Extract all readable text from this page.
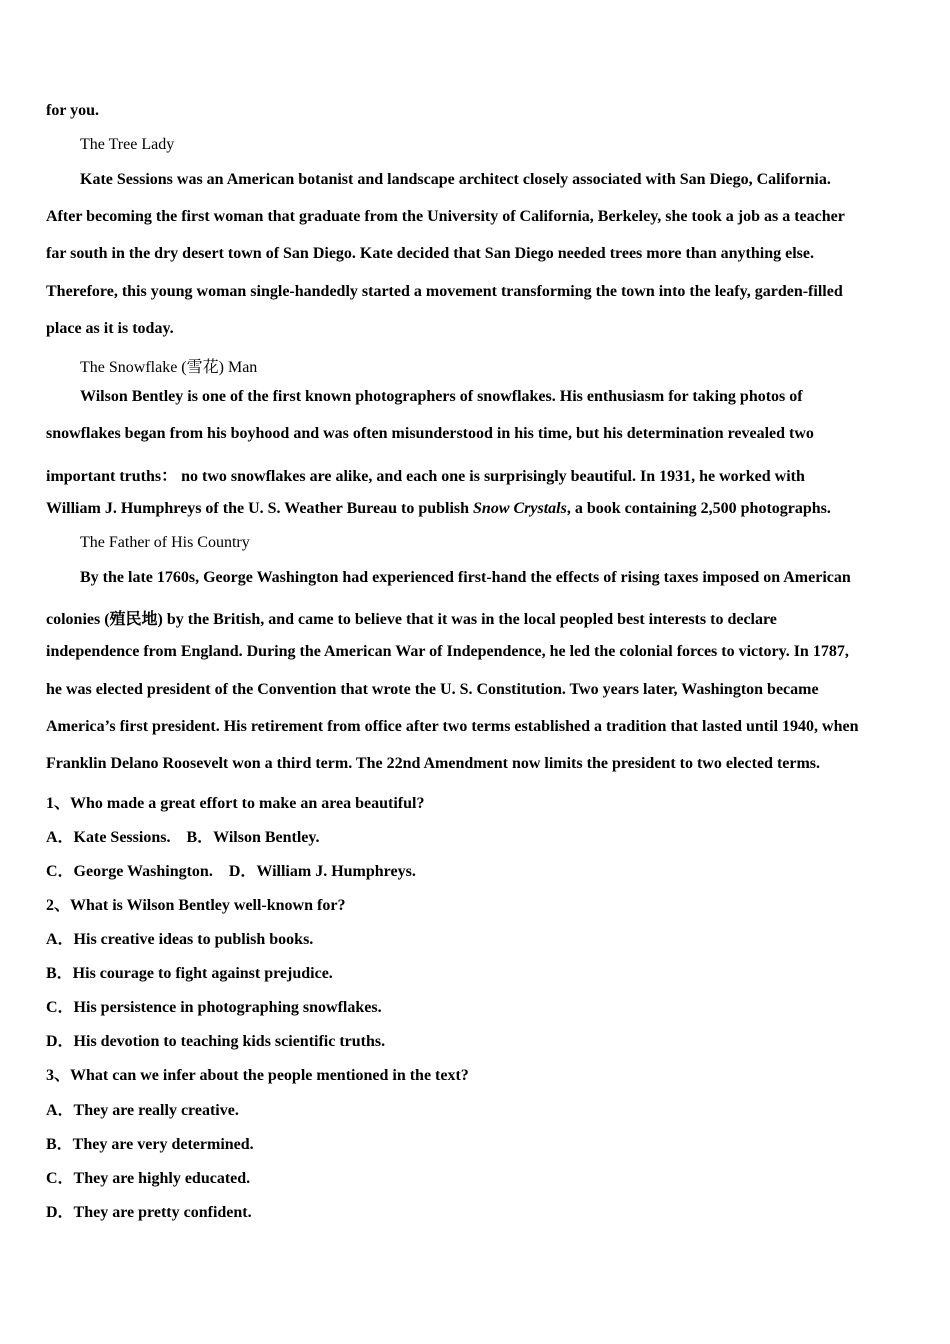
for you.
The Tree Lady
Kate Sessions was an American botanist and landscape architect closely associated with San Diego, California.
After becoming the first woman that graduate from the University of California, Berkeley, she took a job as a teacher
far south in the dry desert town of San Diego. Kate decided that San Diego needed trees more than anything else.
Therefore, this young woman single-handedly started a movement transforming the town into the leafy, garden-filled
place as it is today.
The Snowflake (雪花) Man
Wilson Bentley is one of the first known photographers of snowflakes. His enthusiasm for taking photos of
snowflakes began from his boyhood and was often misunderstood in his time, but his determination revealed two
important truths： no two snowflakes are alike, and each one is surprisingly beautiful. In 1931, he worked with
William J. Humphreys of the U. S. Weather Bureau to publish Snow Crystals, a book containing 2,500 photographs.
The Father of His Country
By the late 1760s, George Washington had experienced first-hand the effects of rising taxes imposed on American
colonies (殖民地) by the British, and came to believe that it was in the local peopled best interests to declare
independence from England. During the American War of Independence, he led the colonial forces to victory. In 1787,
he was elected president of the Convention that wrote the U. S. Constitution. Two years later, Washington became
America’s first president. His retirement from office after two terms established a tradition that lasted until 1940, when
Franklin Delano Roosevelt won a third term. The 22nd Amendment now limits the president to two elected terms.
1、Who made a great effort to make an area beautiful?
A．Kate Sessions.    B．Wilson Bentley.
C．George Washington.    D．William J. Humphreys.
2、What is Wilson Bentley well-known for?
A．His creative ideas to publish books.
B．His courage to fight against prejudice.
C．His persistence in photographing snowflakes.
D．His devotion to teaching kids scientific truths.
3、What can we infer about the people mentioned in the text?
A．They are really creative.
B．They are very determined.
C．They are highly educated.
D．They are pretty confident.
